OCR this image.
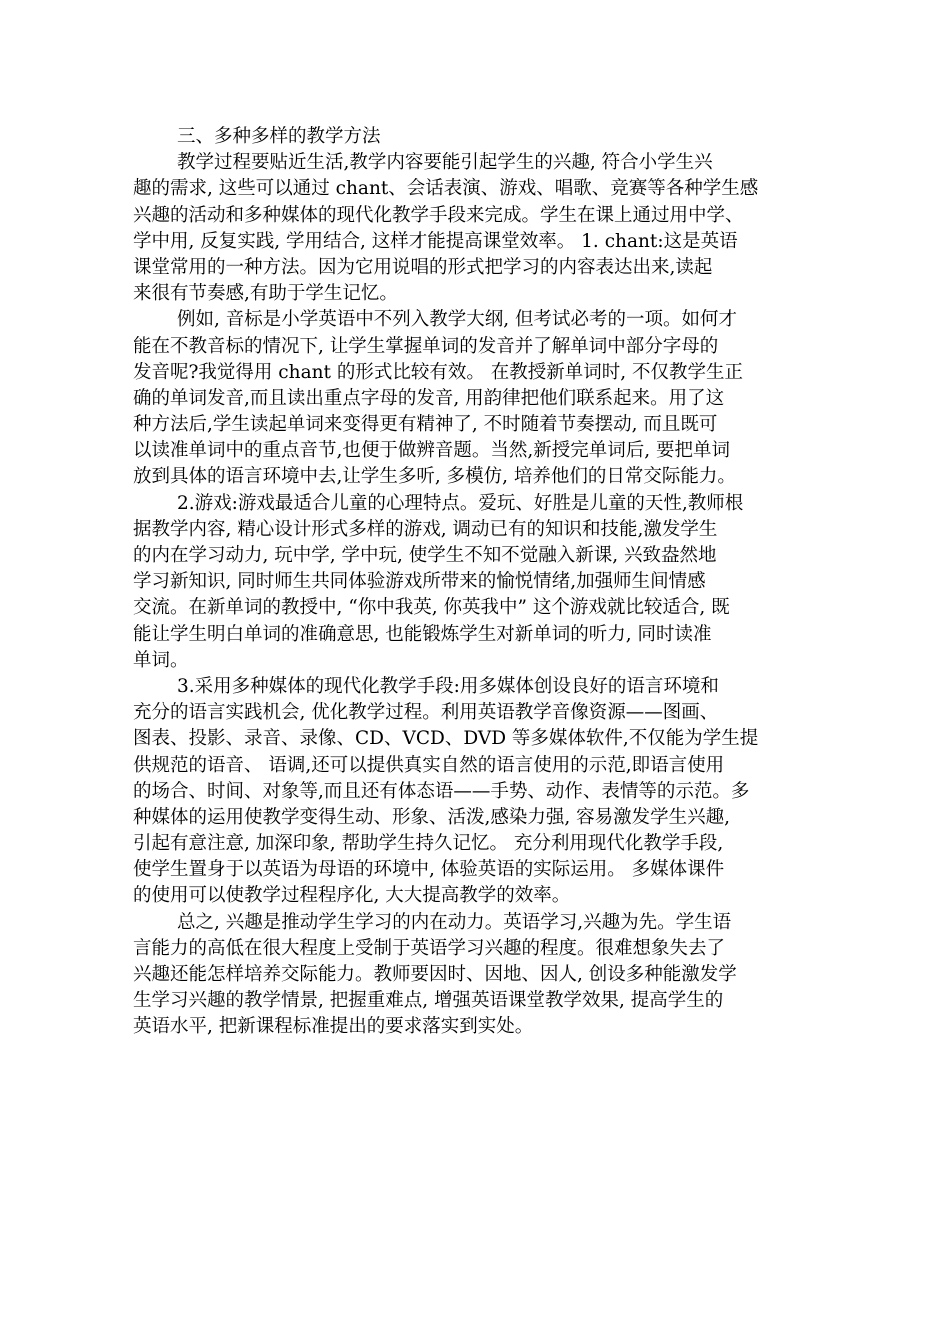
三、多种多样的教学方法
教学过程要贴近生活,教学内容要能引起学生的兴趣, 符合小学生兴
趣的需求, 这些可以通过 chant、会话表演、游戏、唱歌、竞赛等各种学生感
兴趣的活动和多种媒体的现代化教学手段来完成。学生在课上通过用中学、
学中用, 反复实践, 学用结合, 这样才能提高课堂效率。 1. chant:这是英语
课堂常用的一种方法。因为它用说唱的形式把学习的内容表达出来,读起
来很有节奏感,有助于学生记忆。
例如, 音标是小学英语中不列入教学大纲, 但考试必考的一项。如何才
能在不教音标的情况下, 让学生掌握单词的发音并了解单词中部分字母的
发音呢?我觉得用 chant 的形式比较有效。 在教授新单词时, 不仅教学生正
确的单词发音,而且读出重点字母的发音, 用韵律把他们联系起来。用了这
种方法后,学生读起单词来变得更有精神了, 不时随着节奏摆动, 而且既可
以读准单词中的重点音节,也便于做辨音题。当然,新授完单词后, 要把单词
放到具体的语言环境中去,让学生多听, 多模仿, 培养他们的日常交际能力。
2.游戏:游戏最适合儿童的心理特点。爱玩、好胜是儿童的天性,教师根
据教学内容, 精心设计形式多样的游戏, 调动已有的知识和技能,激发学生
的内在学习动力, 玩中学, 学中玩, 使学生不知不觉融入新课, 兴致盎然地
学习新知识, 同时师生共同体验游戏所带来的愉悦情绪,加强师生间情感
交流。在新单词的教授中, “你中我英, 你英我中” 这个游戏就比较适合, 既
能让学生明白单词的准确意思, 也能锻炼学生对新单词的听力, 同时读准
单词。
3.采用多种媒体的现代化教学手段:用多媒体创设良好的语言环境和
充分的语言实践机会, 优化教学过程。利用英语教学音像资源——图画、
图表、投影、录音、录像、CD、VCD、DVD 等多媒体软件,不仅能为学生提
供规范的语音、 语调,还可以提供真实自然的语言使用的示范,即语言使用
的场合、时间、对象等,而且还有体态语——手势、动作、表情等的示范。多
种媒体的运用使教学变得生动、形象、活泼,感染力强, 容易激发学生兴趣,
引起有意注意, 加深印象, 帮助学生持久记忆。 充分利用现代化教学手段,
使学生置身于以英语为母语的环境中, 体验英语的实际运用。 多媒体课件
的使用可以使教学过程程序化, 大大提高教学的效率。
总之, 兴趣是推动学生学习的内在动力。英语学习,兴趣为先。学生语
言能力的高低在很大程度上受制于英语学习兴趣的程度。很难想象失去了
兴趣还能怎样培养交际能力。教师要因时、因地、因人, 创设多种能激发学
生学习兴趣的教学情景, 把握重难点, 增强英语课堂教学效果, 提高学生的
英语水平, 把新课程标准提出的要求落实到实处。
